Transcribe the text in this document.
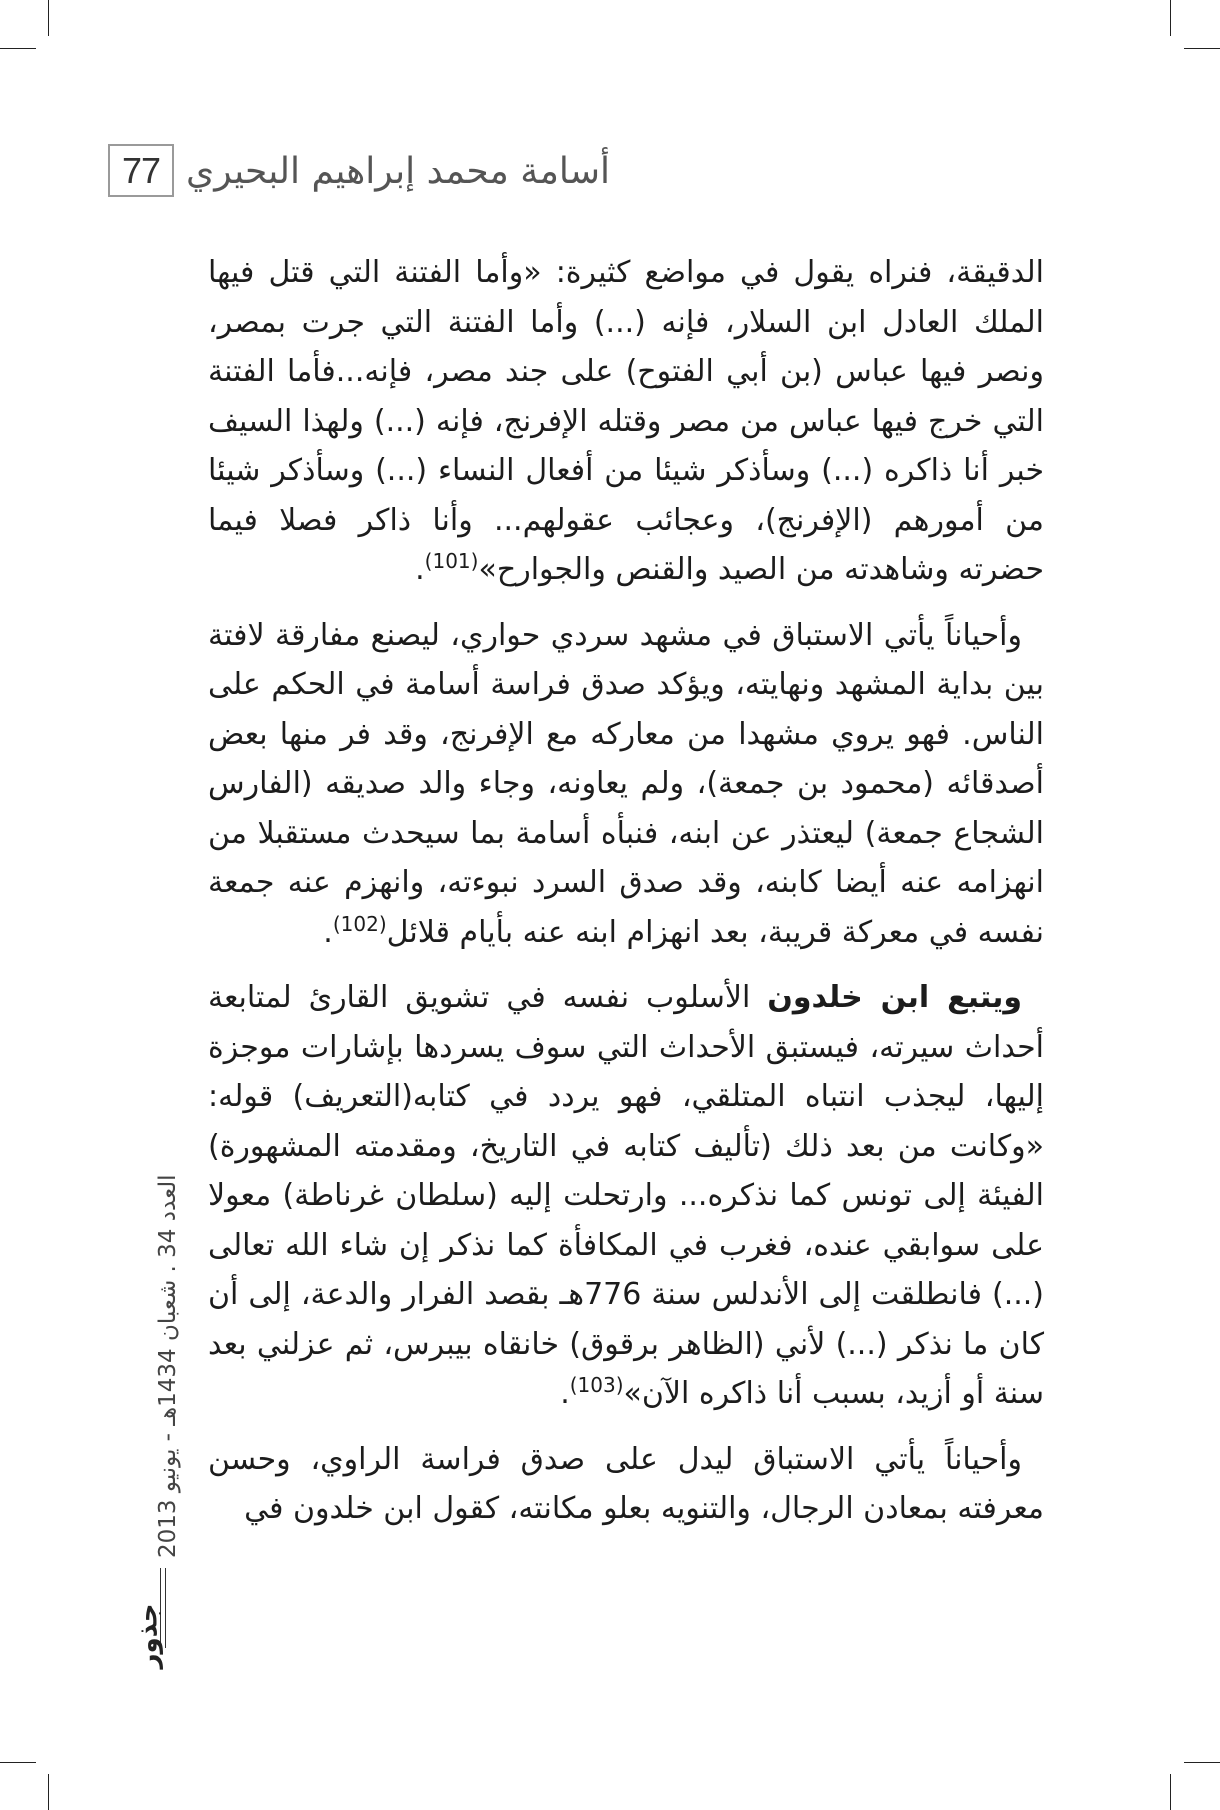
77 أسامة محمد إبراهيم البحيري

الدقيقة، فنراه يقول في مواضع كثيرة: «وأما الفتنة التي قتل فيها الملك العادل ابن السلار، فإنه (...) وأما الفتنة التي جرت بمصر، ونصر فيها عباس (بن أبي الفتوح) على جند مصر، فإنه...فأما الفتنة التي خرج فيها عباس من مصر وقتله الإفرنج، فإنه (...) ولهذا السيف خبر أنا ذاكره (...) وسأذكر شيئا من أفعال النساء (...) وسأذكر شيئا من أمورهم (الإفرنج)، وعجائب عقولهم... وأنا ذاكر فصلا فيما حضرته وشاهدته من الصيد والقنص والجوارح»$^{(101)}$.

وأحياناً يأتي الاستباق في مشهد سردي حواري، ليصنع مفارقة لافتة بين بداية المشهد ونهايته، ويؤكد صدق فراسة أسامة في الحكم على الناس. فهو يروي مشهدا من معاركه مع الإفرنج، وقد فر منها بعض أصدقائه (محمود بن جمعة)، ولم يعاونه، وجاء والد صديقه (الفارس الشجاع جمعة) ليعتذر عن ابنه، فنبأه أسامة بما سيحدث مستقبلا من انهزامه عنه أيضا كابنه، وقد صدق السرد نبوءته، وانهزم عنه جمعة نفسه في معركة قريبة، بعد انهزام ابنه عنه بأيام قلائل$^{(102)}$.

ويتبع ابن خلدون الأسلوب نفسه في تشويق القارئ لمتابعة أحداث سيرته، فيستبق الأحداث التي سوف يسردها بإشارات موجزة إليها، ليجذب انتباه المتلقي، فهو يردد في كتابه(التعريف) قوله: «وكانت من بعد ذلك (تأليف كتابه في التاريخ، ومقدمته المشهورة) الفيئة إلى تونس كما نذكره... وارتحلت إليه (سلطان غرناطة) معولا على سوابقي عنده، فغرب في المكافأة كما نذكر إن شاء الله تعالى (...) فانطلقت إلى الأندلس سنة 776هـ بقصد الفرار والدعة، إلى أن كان ما نذكر (...) لأني (الظاهر برقوق) خانقاه بيبرس، ثم عزلني بعد سنة أو أزيد، بسبب أنا ذاكره الآن»$^{(103)}$.

وأحياناً يأتي الاستباق ليدل على صدق فراسة الراوي، وحسن معرفته بمعادن الرجال، والتنويه بعلو مكانته، كقول ابن خلدون في

العدد 34 . شعبان 1434هـ - يونيو 2013
جذور
